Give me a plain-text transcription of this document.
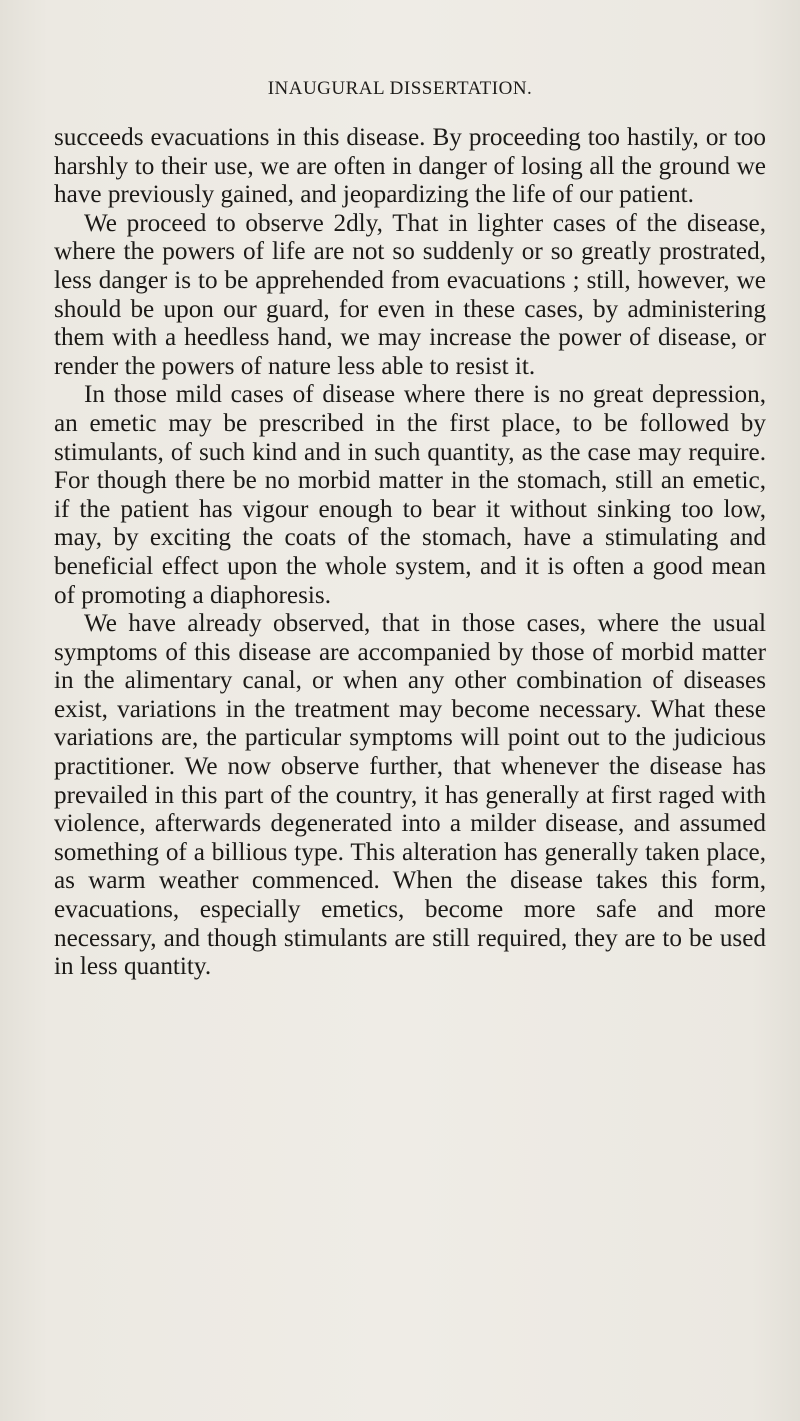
INAUGURAL DISSERTATION.

succeeds evacuations in this disease. By proceeding too hastily, or too harshly to their use, we are often in danger of losing all the ground we have previously gained, and jeopardizing the life of our patient.

We proceed to observe 2dly, That in lighter cases of the disease, where the powers of life are not so suddenly or so greatly prostrated, less danger is to be apprehended from evacuations ; still, however, we should be upon our guard, for even in these cases, by administering them with a heedless hand, we may increase the power of disease, or render the powers of nature less able to resist it.

In those mild cases of disease where there is no great depression, an emetic may be prescribed in the first place, to be followed by stimulants, of such kind and in such quantity, as the case may require. For though there be no morbid matter in the stomach, still an emetic, if the patient has vigour enough to bear it without sinking too low, may, by exciting the coats of the stomach, have a stimulating and beneficial effect upon the whole system, and it is often a good mean of promoting a diaphoresis.

We have already observed, that in those cases, where the usual symptoms of this disease are accompanied by those of morbid matter in the alimentary canal, or when any other combination of diseases exist, variations in the treatment may become necessary. What these variations are, the particular symptoms will point out to the judicious practitioner. We now observe further, that whenever the disease has prevailed in this part of the country, it has generally at first raged with violence, afterwards degenerated into a milder disease, and assumed something of a billious type. This alteration has generally taken place, as warm weather commenced. When the disease takes this form, evacuations, especially emetics, become more safe and more necessary, and though stimulants are still required, they are to be used in less quantity.
